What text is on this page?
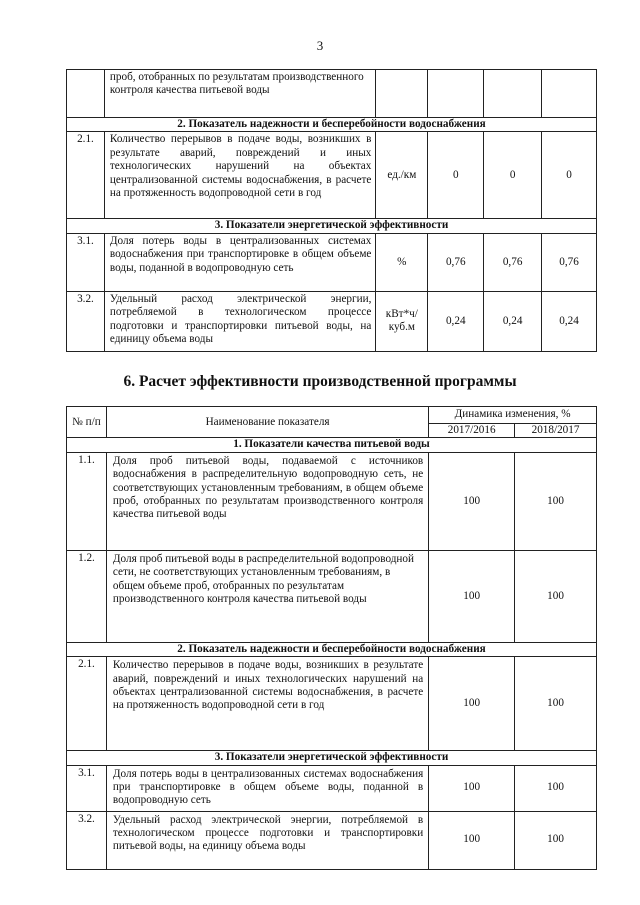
3
	проб, отобранных по результатам производственного контроля качества питьевой воды				
2. Показатель надежности и бесперебойности водоснабжения					
2.1.	Количество перерывов в подаче воды, возникших в результате аварий, повреждений и иных технологических нарушений на объектах централизованной системы водоснабжения, в расчете на протяженность водопроводной сети в год	ед./км	0	0	0
3. Показатели энергетической эффективности					
3.1.	Доля потерь воды в централизованных системах водоснабжения при транспортировке в общем объеме воды, поданной в водопроводную сеть	%	0,76	0,76	0,76
3.2.	Удельный расход электрической энергии, потребляемой в технологическом процессе подготовки и транспортировки питьевой воды, на единицу объема воды	кВт*ч/ куб.м	0,24	0,24	0,24
6. Расчет эффективности производственной программы
№ п/п	Наименование показателя	Динамика изменения, %	
		2017/2016	2018/2017
1. Показатели качества питьевой воды			
1.1.	Доля проб питьевой воды, подаваемой с источников водоснабжения в распределительную водопроводную сеть, не соответствующих установленным требованиям, в общем объеме проб, отобранных по результатам производственного контроля качества питьевой воды	100	100
1.2.	Доля проб питьевой воды в распределительной водопроводной сети, не соответствующих установленным требованиям, в общем объеме проб, отобранных по результатам производственного контроля качества питьевой воды	100	100
2. Показатель надежности и бесперебойности водоснабжения			
2.1.	Количество перерывов в подаче воды, возникших в результате аварий, повреждений и иных технологических нарушений на объектах централизованной системы водоснабжения, в расчете на протяженность водопроводной сети в год	100	100
3. Показатели энергетической эффективности			
3.1.	Доля потерь воды в централизованных системах водоснабжения при транспортировке в общем объеме воды, поданной в водопроводную сеть	100	100
3.2.	Удельный расход электрической энергии, потребляемой в технологическом процессе подготовки и транспортировки питьевой воды, на единицу объема воды	100	100
